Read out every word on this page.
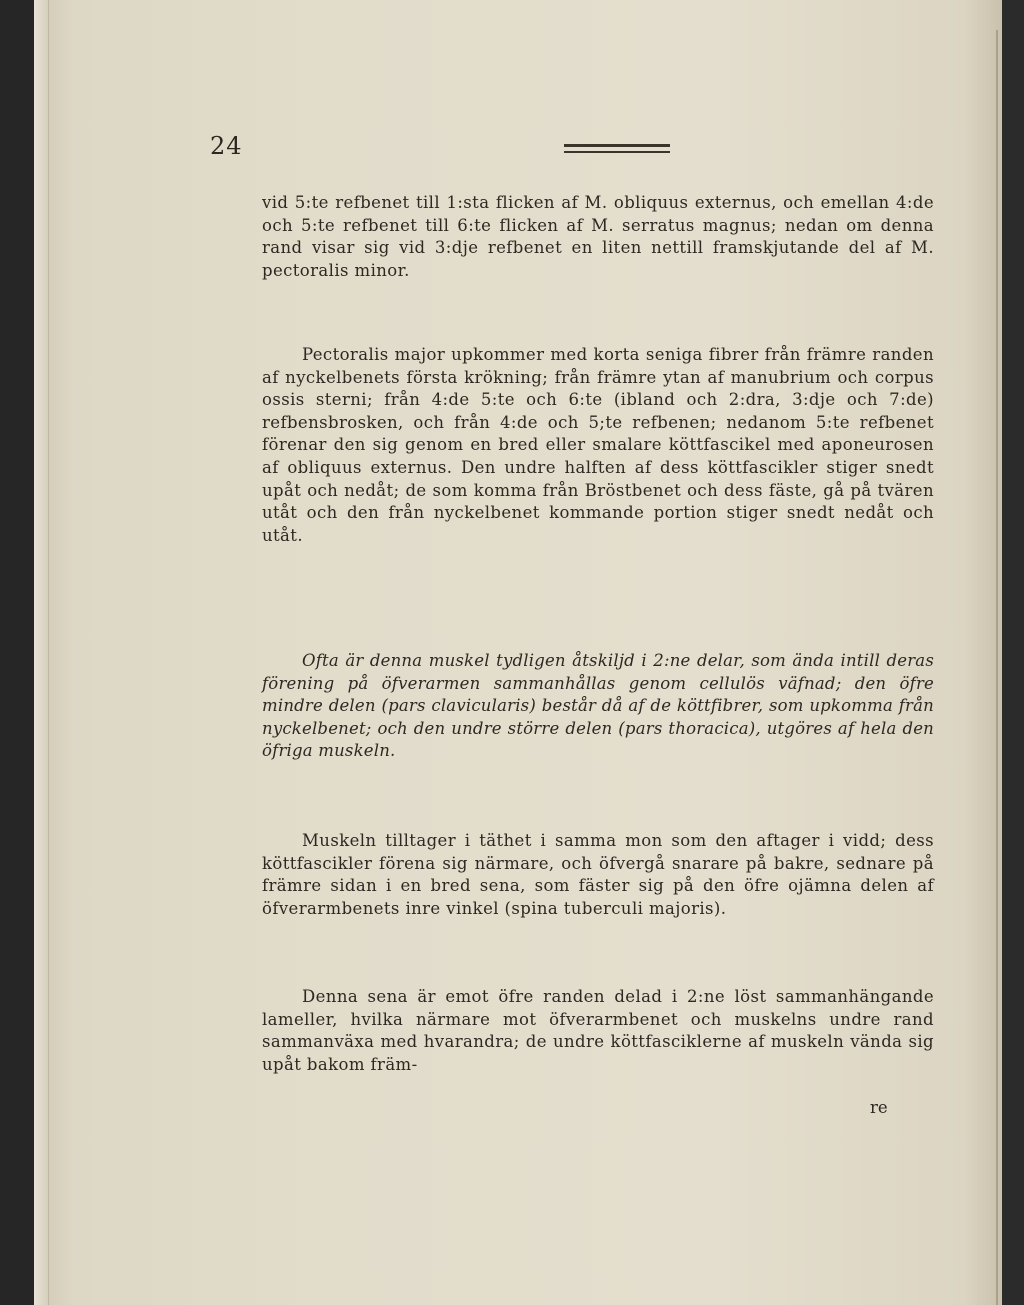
24

vid 5:te refbenet till 1:sta flicken af M. obliquus externus, och emellan 4:de och 5:te refbenet till 6:te flicken af M. serratus magnus; nedan om denna rand visar sig vid 3:dje refbenet en liten nettill framskjutande del af M. pectoralis minor.

Pectoralis major upkommer med korta seniga fibrer från främre randen af nyckelbenets första krökning; från främre ytan af manubrium och corpus ossis sterni; från 4:de 5:te och 6:te (ibland och 2:dra, 3:dje och 7:de) refbensbrosken, och från 4:de och 5;te refbenen; nedanom 5:te refbenet förenar den sig genom en bred eller smalare köttfascikel med aponeurosen af obliquus externus. Den undre halften af dess köttfascikler stiger snedt upåt och nedåt; de som komma från Bröstbenet och dess fäste, gå på tvären utåt och den från nyckelbenet kommande portion stiger snedt nedåt och utåt.

Ofta är denna muskel tydligen åtskiljd i 2:ne delar, som ända intill deras förening på öfverarmen sammanhållas genom cellulös väfnad; den öfre mindre delen (pars clavicularis) består då af de köttfibrer, som upkomma från nyckelbenet; och den undre större delen (pars thoracica), utgöres af hela den öfriga muskeln.

Muskeln tilltager i täthet i samma mon som den aftager i vidd; dess köttfascikler förena sig närmare, och öfvergå snarare på bakre, sednare på främre sidan i en bred sena, som fäster sig på den öfre ojämna delen af öfverarmbenets inre vinkel (spina tuberculi majoris).

Denna sena är emot öfre randen delad i 2:ne löst sammanhängande lameller, hvilka närmare mot öfverarmbenet och muskelns undre rand sammanväxa med hvarandra; de undre köttfasciklerne af muskeln vända sig upåt bakom främ-

re
